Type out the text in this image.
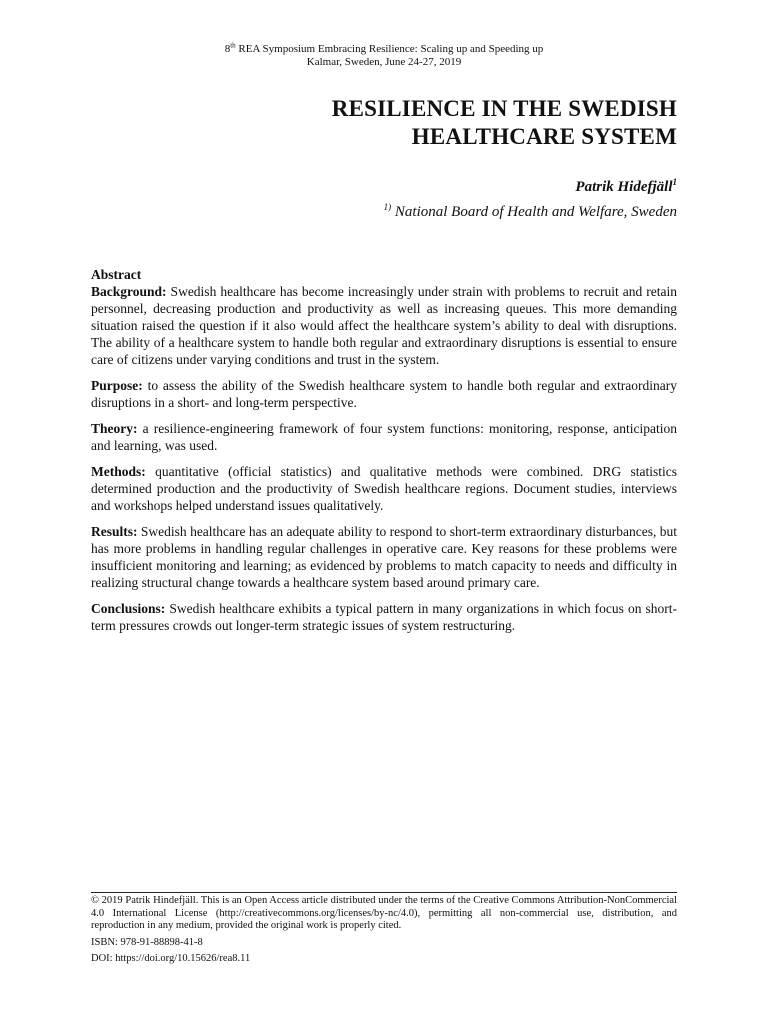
8th REA Symposium Embracing Resilience: Scaling up and Speeding up
Kalmar, Sweden, June 24-27, 2019
RESILIENCE IN THE SWEDISH
HEALTHCARE SYSTEM
Patrik Hidefjäll$^1$
$^{1)}$ National Board of Health and Welfare, Sweden
Abstract

Background: Swedish healthcare has become increasingly under strain with problems to recruit and retain personnel, decreasing production and productivity as well as increasing queues. This more demanding situation raised the question if it also would affect the healthcare system’s ability to deal with disruptions. The ability of a healthcare system to handle both regular and extraordinary disruptions is essential to ensure care of citizens under varying conditions and trust in the system.

Purpose: to assess the ability of the Swedish healthcare system to handle both regular and extraordinary disruptions in a short- and long-term perspective.

Theory: a resilience-engineering framework of four system functions: monitoring, response, anticipation and learning, was used.

Methods: quantitative (official statistics) and qualitative methods were combined. DRG statistics determined production and the productivity of Swedish healthcare regions. Document studies, interviews and workshops helped understand issues qualitatively.

Results: Swedish healthcare has an adequate ability to respond to short-term extraordinary disturbances, but has more problems in handling regular challenges in operative care. Key reasons for these problems were insufficient monitoring and learning; as evidenced by problems to match capacity to needs and difficulty in realizing structural change towards a healthcare system based around primary care.

Conclusions: Swedish healthcare exhibits a typical pattern in many organizations in which focus on short-term pressures crowds out longer-term strategic issues of system restructuring.

© 2019 Patrik Hindefjäll. This is an Open Access article distributed under the terms of the Creative Commons Attribution-NonCommercial 4.0 International License (http://creativecommons.org/licenses/by-nc/4.0), permitting all non-commercial use, distribution, and reproduction in any medium, provided the original work is properly cited.

ISBN: 978-91-88898-41-8

DOI: https://doi.org/10.15626/rea8.11
